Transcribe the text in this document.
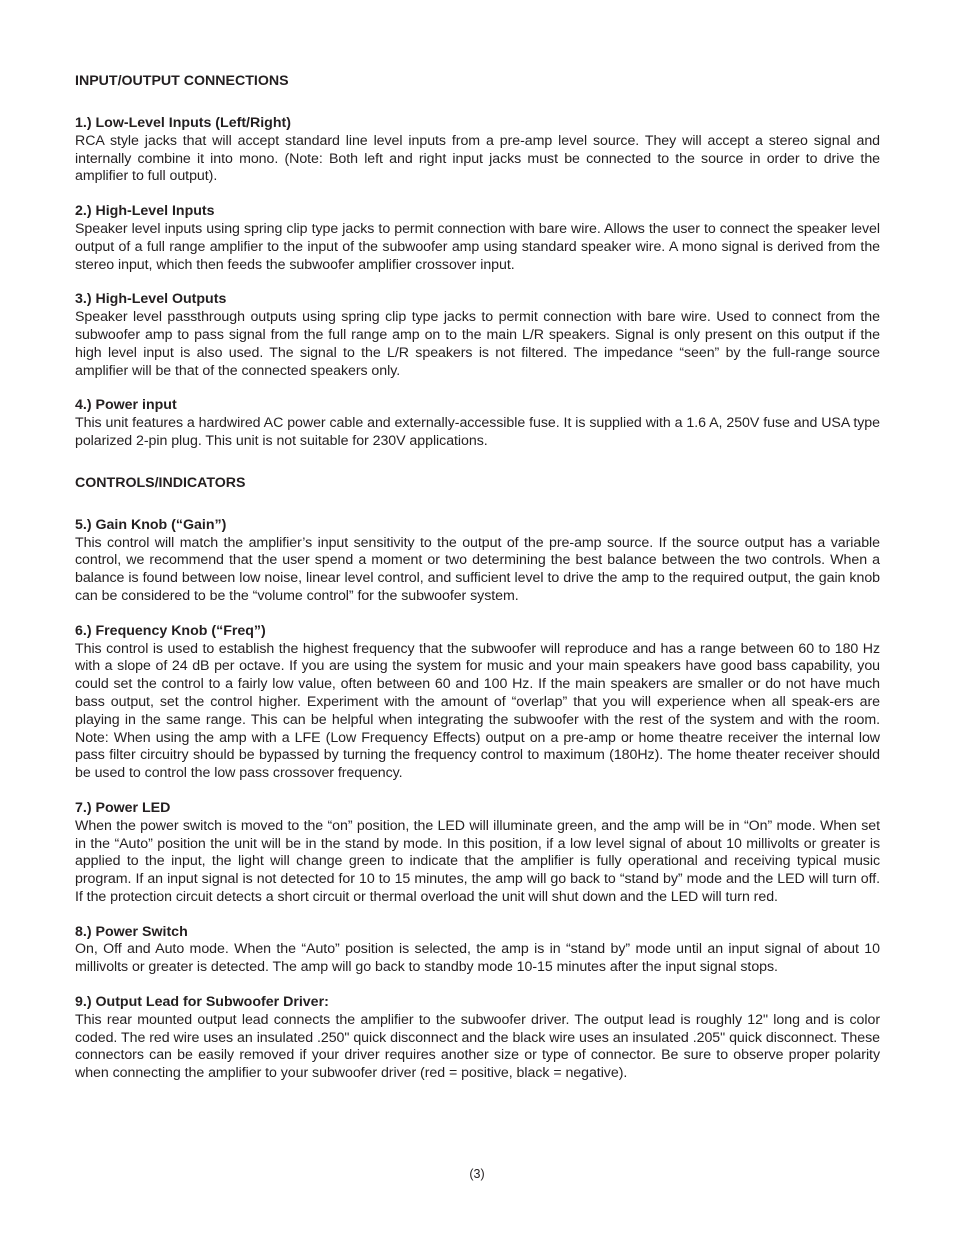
INPUT/OUTPUT CONNECTIONS
1.) Low-Level Inputs (Left/Right)
RCA style jacks that will accept standard line level inputs from a pre-amp level source. They will accept a stereo signal and internally combine it into mono. (Note: Both left and right input jacks must be connected to the source in order to drive the amplifier to full output).
2.) High-Level Inputs
Speaker level inputs using spring clip type jacks to permit connection with bare wire. Allows the user to connect the speaker level output of a full range amplifier to the input of the subwoofer amp using standard speaker wire. A mono signal is derived from the stereo input, which then feeds the subwoofer amplifier crossover input.
3.) High-Level Outputs
Speaker level passthrough outputs using spring clip type jacks to permit connection with bare wire. Used to connect from the subwoofer amp to pass signal from the full range amp on to the main L/R speakers. Signal is only present on this output if the high level input is also used. The signal to the L/R speakers is not filtered. The impedance “seen” by the full-range source amplifier will be that of the connected speakers only.
4.) Power input
This unit features a hardwired AC power cable and externally-accessible fuse. It is supplied with a 1.6 A, 250V fuse and USA type polarized 2-pin plug. This unit is not suitable for 230V applications.
CONTROLS/INDICATORS
5.) Gain Knob (“Gain”)
This control will match the amplifier’s input sensitivity to the output of the pre-amp source. If the source output has a variable control, we recommend that the user spend a moment or two determining the best balance between the two controls. When a balance is found between low noise, linear level control, and sufficient level to drive the amp to the required output, the gain knob can be considered to be the “volume control” for the subwoofer system.
6.) Frequency Knob (“Freq”)
This control is used to establish the highest frequency that the subwoofer will reproduce and has a range between 60 to 180 Hz with a slope of 24 dB per octave. If you are using the system for music and your main speakers have good bass capability, you could set the control to a fairly low value, often between 60 and 100 Hz. If the main speakers are smaller or do not have much bass output, set the control higher. Experiment with the amount of “overlap” that you will experience when all speak-ers are playing in the same range. This can be helpful when integrating the subwoofer with the rest of the system and with the room. Note: When using the amp with a LFE (Low Frequency Effects) output on a pre-amp or home theatre receiver the internal low pass filter circuitry should be bypassed by turning the frequency control to maximum (180Hz). The home theater receiver should be used to control the low pass crossover frequency.
7.) Power LED
When the power switch is moved to the “on” position, the LED will illuminate green, and the amp will be in “On” mode. When set in the “Auto” position the unit will be in the stand by mode. In this position, if a low level signal of about 10 millivolts or greater is applied to the input, the light will change green to indicate that the amplifier is fully operational and receiving typical music program. If an input signal is not detected for 10 to 15 minutes, the amp will go back to “stand by” mode and the LED will turn off. If the protection circuit detects a short circuit or thermal overload the unit will shut down and the LED will turn red.
8.) Power Switch
On, Off and Auto mode. When the “Auto” position is selected, the amp is in “stand by” mode until an input signal of about 10 millivolts or greater is detected. The amp will go back to standby mode 10-15 minutes after the input signal stops.
9.) Output Lead for Subwoofer Driver:
This rear mounted output lead connects the amplifier to the subwoofer driver. The output lead is roughly 12" long and is color coded. The red wire uses an insulated .250" quick disconnect and the black wire uses an insulated .205" quick disconnect. These connectors can be easily removed if your driver requires another size or type of connector. Be sure to observe proper polarity when connecting the amplifier to your subwoofer driver (red = positive, black = negative).
(3)
